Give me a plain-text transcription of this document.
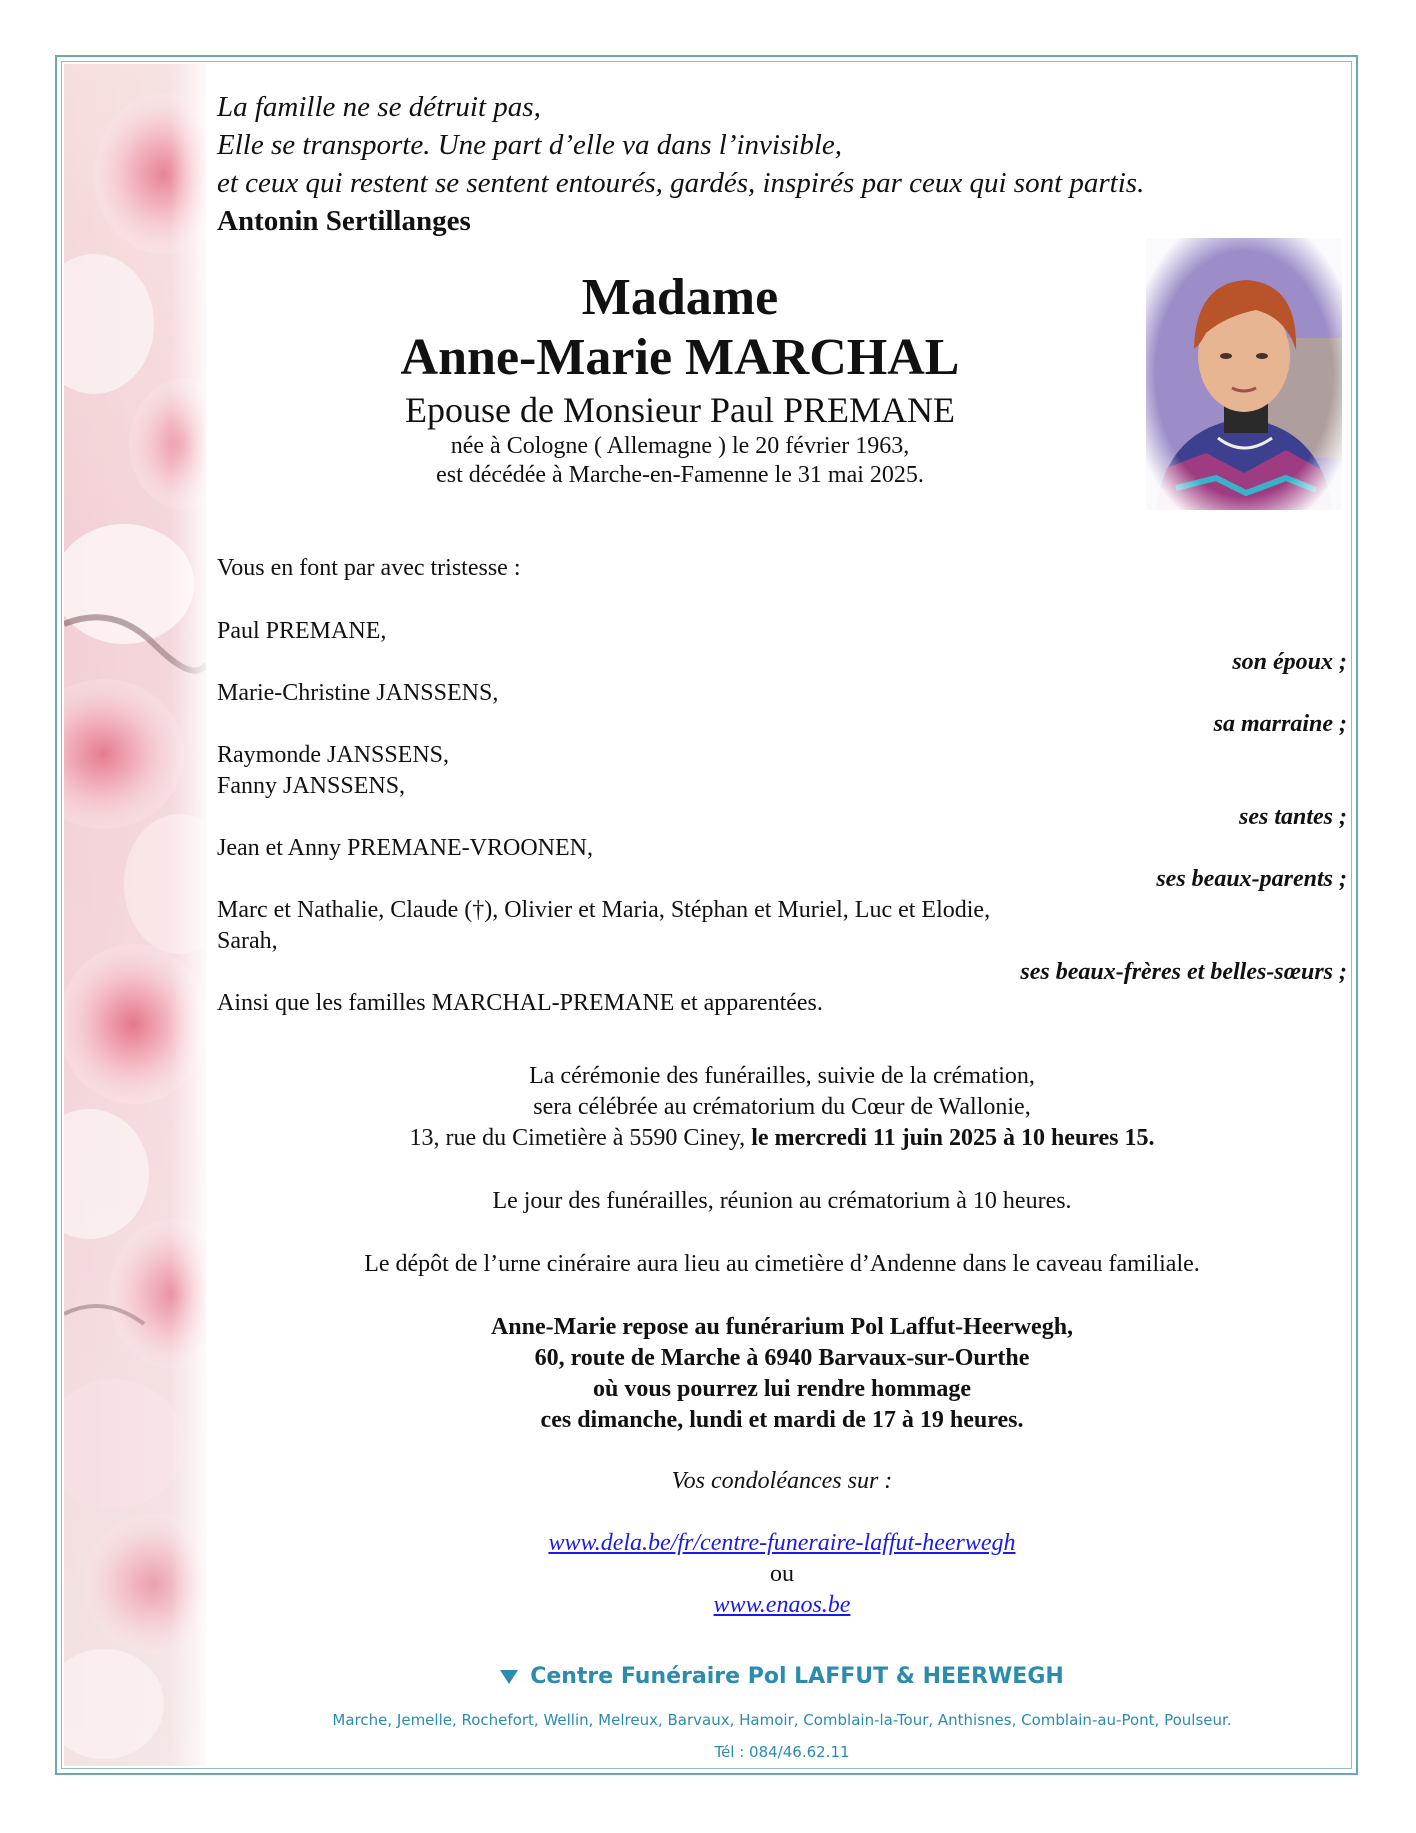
La famille ne se détruit pas,
Elle se transporte. Une part d’elle va dans l’invisible,
et ceux qui restent se sentent entourés, gardés, inspirés par ceux qui sont partis.
Antonin Sertillanges
Madame
Anne-Marie MARCHAL
Epouse de Monsieur Paul PREMANE
née à Cologne ( Allemagne ) le 20 février 1963,
est décédée à Marche-en-Famenne le 31 mai 2025.
Vous en font par avec tristesse :
Paul PREMANE,
son époux ;
Marie-Christine JANSSENS,
sa marraine ;
Raymonde JANSSENS,
Fanny JANSSENS,
ses tantes ;
Jean et Anny PREMANE-VROONEN,
ses beaux-parents ;
Marc et Nathalie, Claude (†), Olivier et Maria, Stéphan et Muriel, Luc et Elodie,
Sarah,
ses beaux-frères et belles-sœurs ;
Ainsi que les familles MARCHAL-PREMANE et apparentées.
La cérémonie des funérailles, suivie de la crémation,
sera célébrée au crématorium du Cœur de Wallonie,
13, rue du Cimetière à 5590 Ciney, le mercredi 11 juin 2025 à 10 heures 15.
Le jour des funérailles, réunion au crématorium à 10 heures.
Le dépôt de l’urne cinéraire aura lieu au cimetière d’Andenne dans le caveau familiale.
Anne-Marie repose au funérarium Pol Laffut-Heerwegh,
60, route de Marche à 6940 Barvaux-sur-Ourthe
où vous pourrez lui rendre hommage
ces dimanche, lundi et mardi de 17 à 19 heures.
Vos condoléances sur :
www.dela.be/fr/centre-funeraire-laffut-heerwegh
ou
www.enaos.be
Centre Funéraire Pol LAFFUT & HEERWEGH
Marche, Jemelle, Rochefort, Wellin, Melreux, Barvaux, Hamoir, Comblain-la-Tour, Anthisnes, Comblain-au-Pont, Poulseur.
Tél : 084/46.62.11
